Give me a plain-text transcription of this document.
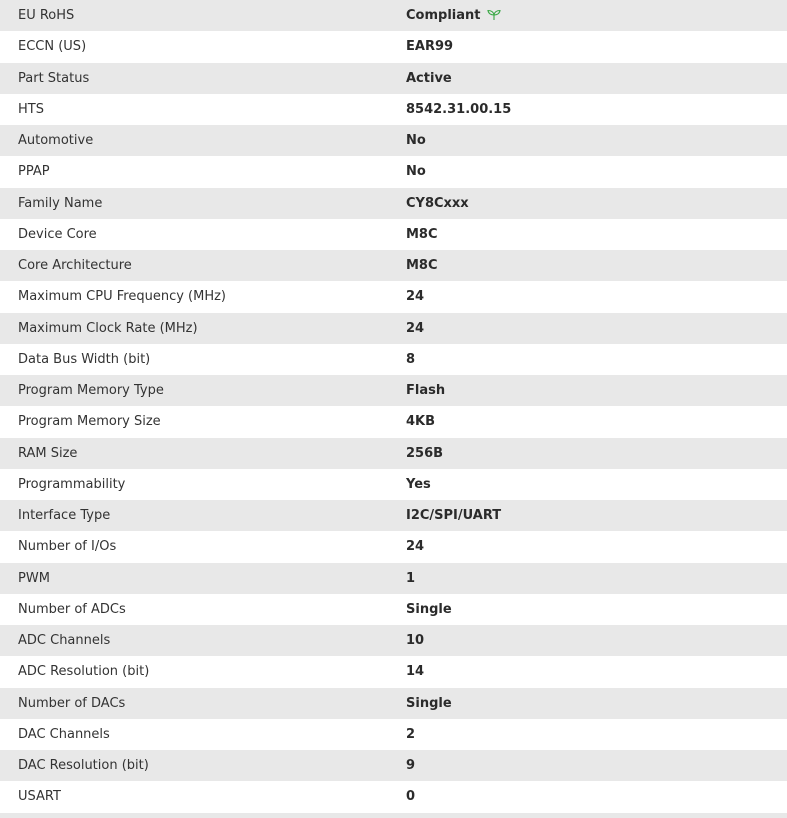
EU RoHS	Compliant
ECCN (US)	EAR99
Part Status	Active
HTS	8542.31.00.15
Automotive	No
PPAP	No
Family Name	CY8Cxxx
Device Core	M8C
Core Architecture	M8C
Maximum CPU Frequency (MHz)	24
Maximum Clock Rate (MHz)	24
Data Bus Width (bit)	8
Program Memory Type	Flash
Program Memory Size	4KB
RAM Size	256B
Programmability	Yes
Interface Type	I2C/SPI/UART
Number of I/Os	24
PWM	1
Number of ADCs	Single
ADC Channels	10
ADC Resolution (bit)	14
Number of DACs	Single
DAC Channels	2
DAC Resolution (bit)	9
USART	0
